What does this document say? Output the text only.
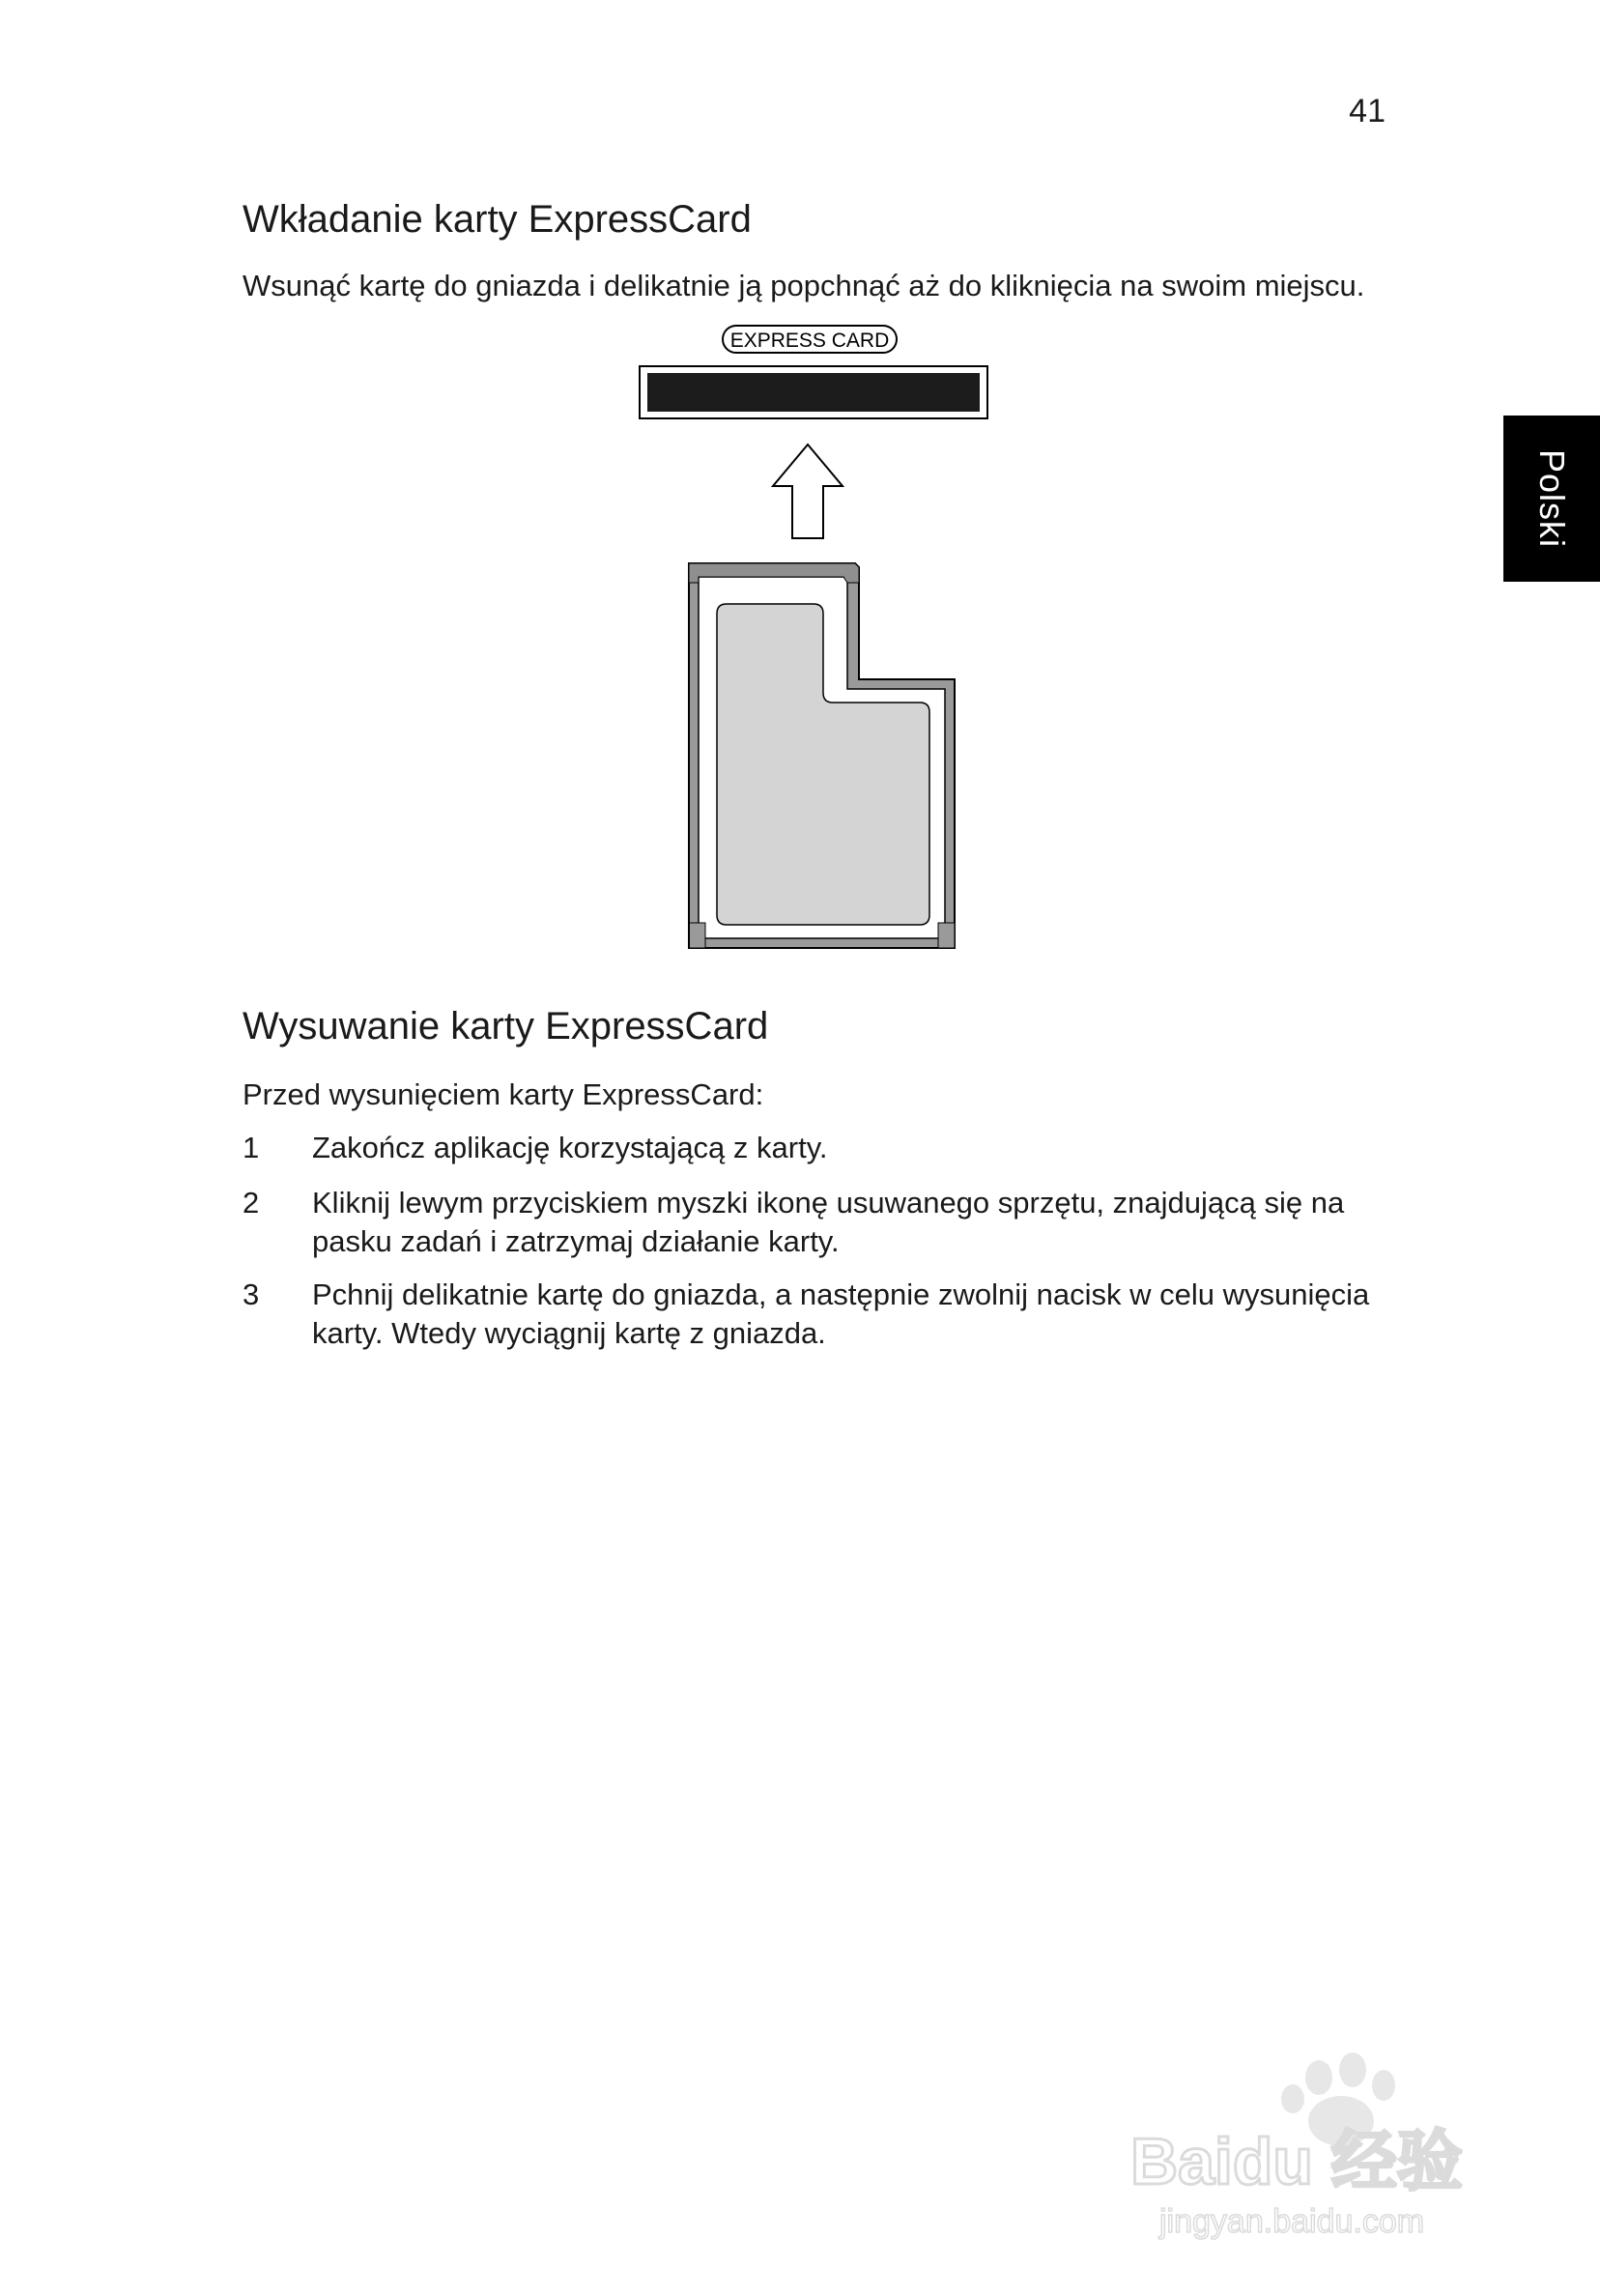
41
Polski
Wkładanie karty ExpressCard

Wsunąć kartę do gniazda i delikatnie ją popchnąć aż do kliknięcia na swoim miejscu.

EXPRESS CARD
Wysuwanie karty ExpressCard

Przed wysunięciem karty ExpressCard:

1	Zakończ aplikację korzystającą z karty.
2	Kliknij lewym przyciskiem myszki ikonę usuwanego sprzętu, znajdującą się na pasku zadań i zatrzymaj działanie karty.
3	Pchnij delikatnie kartę do gniazda, a następnie zwolnij nacisk w celu wysunięcia karty. Wtedy wyciągnij kartę z gniazda.
Baidu 经验
jingyan.baidu.com
